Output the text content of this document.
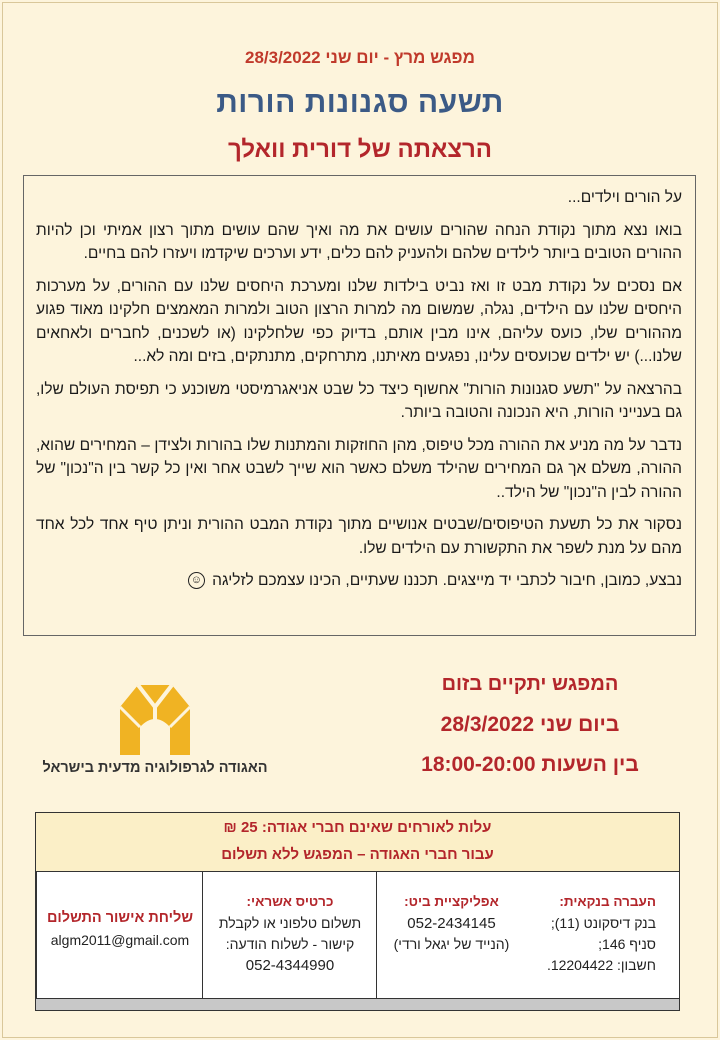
מפגש מרץ - יום שני 28/3/2022
תשעה סגנונות הורות
הרצאתה של דורית וואלך

על הורים וילדים...

בואו נצא מתוך נקודת הנחה שהורים עושים את מה ואיך שהם עושים מתוך רצון אמיתי וכן להיות ההורים הטובים ביותר לילדים שלהם ולהעניק להם כלים, ידע וערכים שיקדמו ויעזרו להם בחיים.

אם נסכים על נקודת מבט זו ואז נביט בילדות שלנו ומערכת היחסים שלנו עם ההורים, על מערכות היחסים שלנו עם הילדים, נגלה, שמשום מה למרות הרצון הטוב ולמרות המאמצים חלקינו מאוד פגוע מההורים שלו, כועס עליהם, אינו מבין אותם, בדיוק כפי שלחלקינו (או לשכנים, לחברים ולאחאים שלנו...) יש ילדים שכועסים עלינו, נפגעים מאיתנו, מתרחקים, מתנתקים, בזים ומה לא...

בהרצאה על "תשע סגנונות הורות" אחשוף כיצד כל שבט אניאגרמיסטי משוכנע כי תפיסת העולם שלו, גם בענייני הורות, היא הנכונה והטובה ביותר.

נדבר על מה מניע את ההורה מכל טיפוס, מהן החוזקות והמתנות שלו בהורות ולצידן – המחירים שהוא, ההורה, משלם אך גם המחירים שהילד משלם כאשר הוא שייך לשבט אחר ואין כל קשר בין ה"נכון" של ההורה לבין ה"נכון" של הילד..

נסקור את כל תשעת הטיפוסים/שבטים אנושיים מתוך נקודת המבט ההורית וניתן טיף אחד לכל אחד מהם על מנת לשפר את התקשורת עם הילדים שלו.

נבצע, כמובן, חיבור לכתבי יד מייצגים. תכננו שעתיים, הכינו עצמכם לזליגה ☺

המפגש יתקיים בזום
ביום שני 28/3/2022
בין השעות 18:00-20:00
האגודה לגרפולוגיה מדעית בישראל
עלות לאורחים שאינם חברי אגודה: 25 ₪
עבור חברי האגודה – המפגש ללא תשלום
העברה בנקאית:
בנק דיסקונט (11);
סניף 146;
חשבון: 12204422.
אפליקציית ביט:
052-2434145
(הנייד של יגאל ורדי)
כרטיס אשראי:
תשלום טלפוני או לקבלת
קישור - לשלוח הודעה:
052-4344990
שליחת אישור התשלום
algm2011@gmail.com
